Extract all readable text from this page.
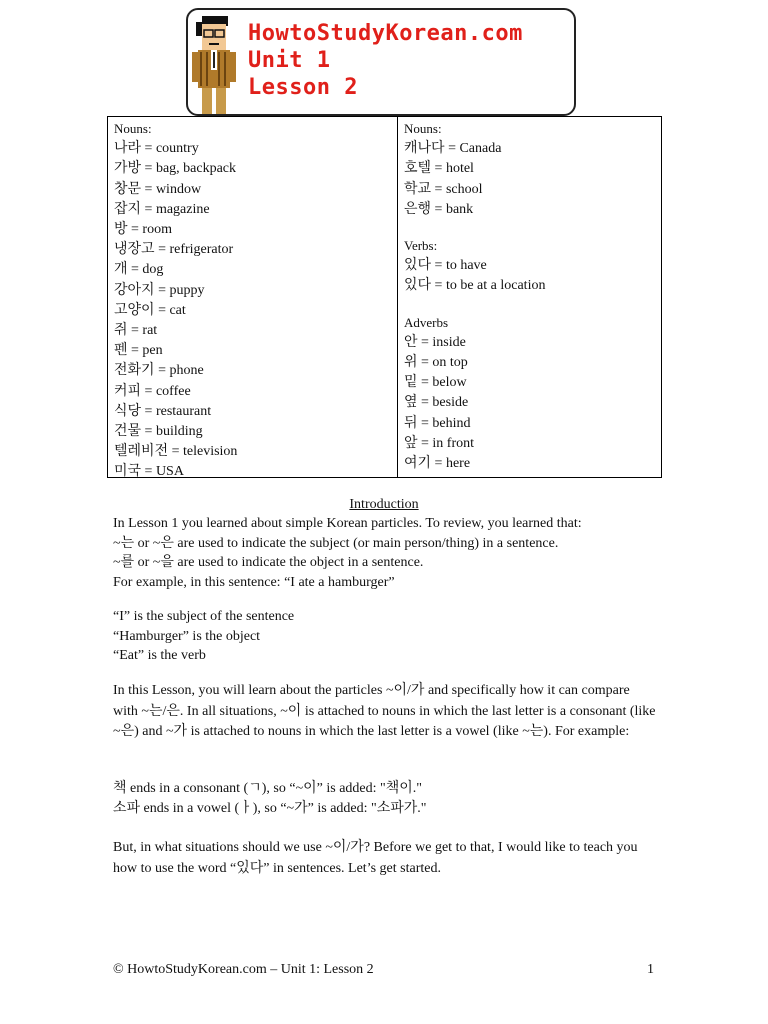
HowtoStudyKorean.com
Unit 1
Lesson 2
Nouns:
나라 = country
가방 = bag, backpack
창문 = window
잡지 = magazine
방 = room
냉장고 = refrigerator
개 = dog
강아지 = puppy
고양이 = cat
쥐 = rat
펜 = pen
전화기 = phone
커피 = coffee
식당 = restaurant
건물 = building
텔레비전 = television
미국 = USA
Nouns:
캐나다 = Canada
호텔 = hotel
학교 = school
은행 = bank
Verbs:
있다 = to have
있다 = to be at a location
Adverbs
안 = inside
위 = on top
밑 = below
옆 = beside
뒤 = behind
앞 = in front
여기 = here
Introduction

In Lesson 1 you learned about simple Korean particles. To review, you learned that:

~는 or ~은 are used to indicate the subject (or main person/thing) in a sentence.

~를 or ~을 are used to indicate the object in a sentence.

For example, in this sentence: “I ate a hamburger”

“I” is the subject of the sentence

“Hamburger” is the object

“Eat” is the verb

In this Lesson, you will learn about the particles ~이/가 and specifically how it can compare with ~는/은. In all situations, ~이 is attached to nouns in which the last letter is a consonant (like ~은) and ~가 is attached to nouns in which the last letter is a vowel (like ~는). For example:

책 ends in a consonant (ㄱ), so “~이” is added: "책이."

소파 ends in a vowel (ㅏ), so “~가” is added: "소파가."

But, in what situations should we use ~이/가? Before we get to that, I would like to teach you how to use the word “있다” in sentences. Let’s get started.

© HowtoStudyKorean.com – Unit 1: Lesson 2	1
